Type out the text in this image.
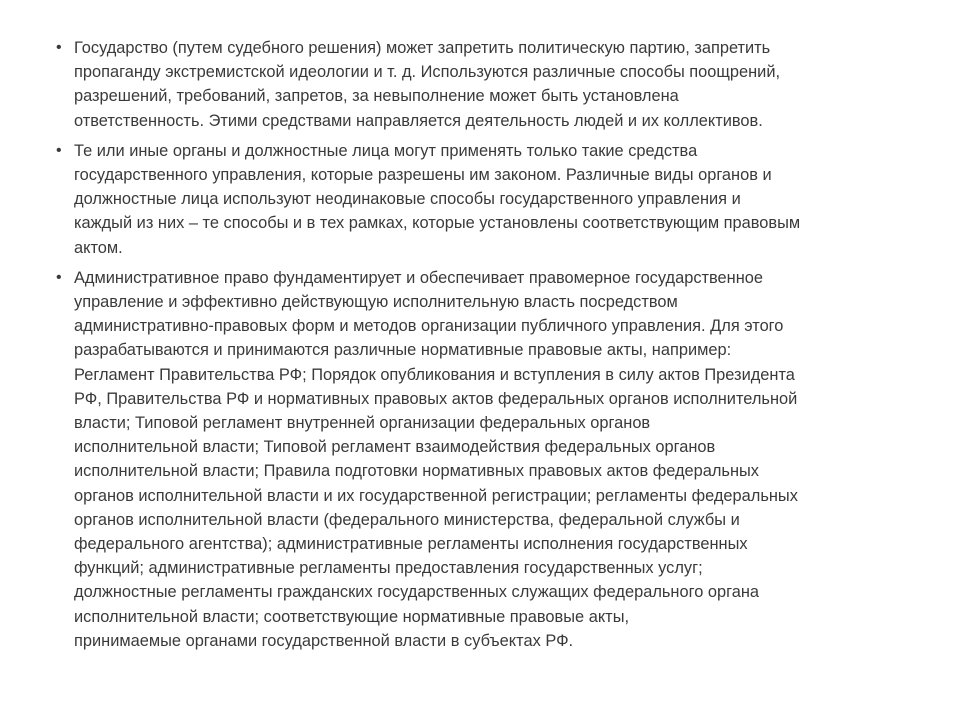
• Государство (путем судебного решения) может запретить политическую партию, запретить
пропаганду экстремистской идеологии и т. д. Используются различные способы поощрений,
разрешений, требований, запретов, за невыполнение может быть установлена
ответственность. Этими средствами направляется деятельность людей и их коллективов.
• Те или иные органы и должностные лица могут применять только такие средства
государственного управления, которые разрешены им законом. Различные виды органов и
должностные лица используют неодинаковые способы государственного управления и
каждый из них – те способы и в тех рамках, которые установлены соответствующим правовым
актом.
• Административное право фундаментирует и обеспечивает правомерное государственное
управление и эффективно действующую исполнительную власть посредством
административно-правовых форм и методов организации публичного управления. Для этого
разрабатываются и принимаются различные нормативные правовые акты, например:
Регламент Правительства РФ; Порядок опубликования и вступления в силу актов Президента
РФ, Правительства РФ и нормативных правовых актов федеральных органов исполнительной
власти; Типовой регламент внутренней организации федеральных органов
исполнительной власти; Типовой регламент взаимодействия федеральных органов
исполнительной власти; Правила подготовки нормативных правовых актов федеральных
органов исполнительной власти и их государственной регистрации; регламенты федеральных
органов исполнительной власти (федерального министерства, федеральной службы и
федерального агентства); административные регламенты исполнения государственных
функций; административные регламенты предоставления государственных услуг;
должностные регламенты гражданских государственных служащих федерального органа
исполнительной власти; соответствующие нормативные правовые акты,
принимаемые органами государственной власти в субъектах РФ.
